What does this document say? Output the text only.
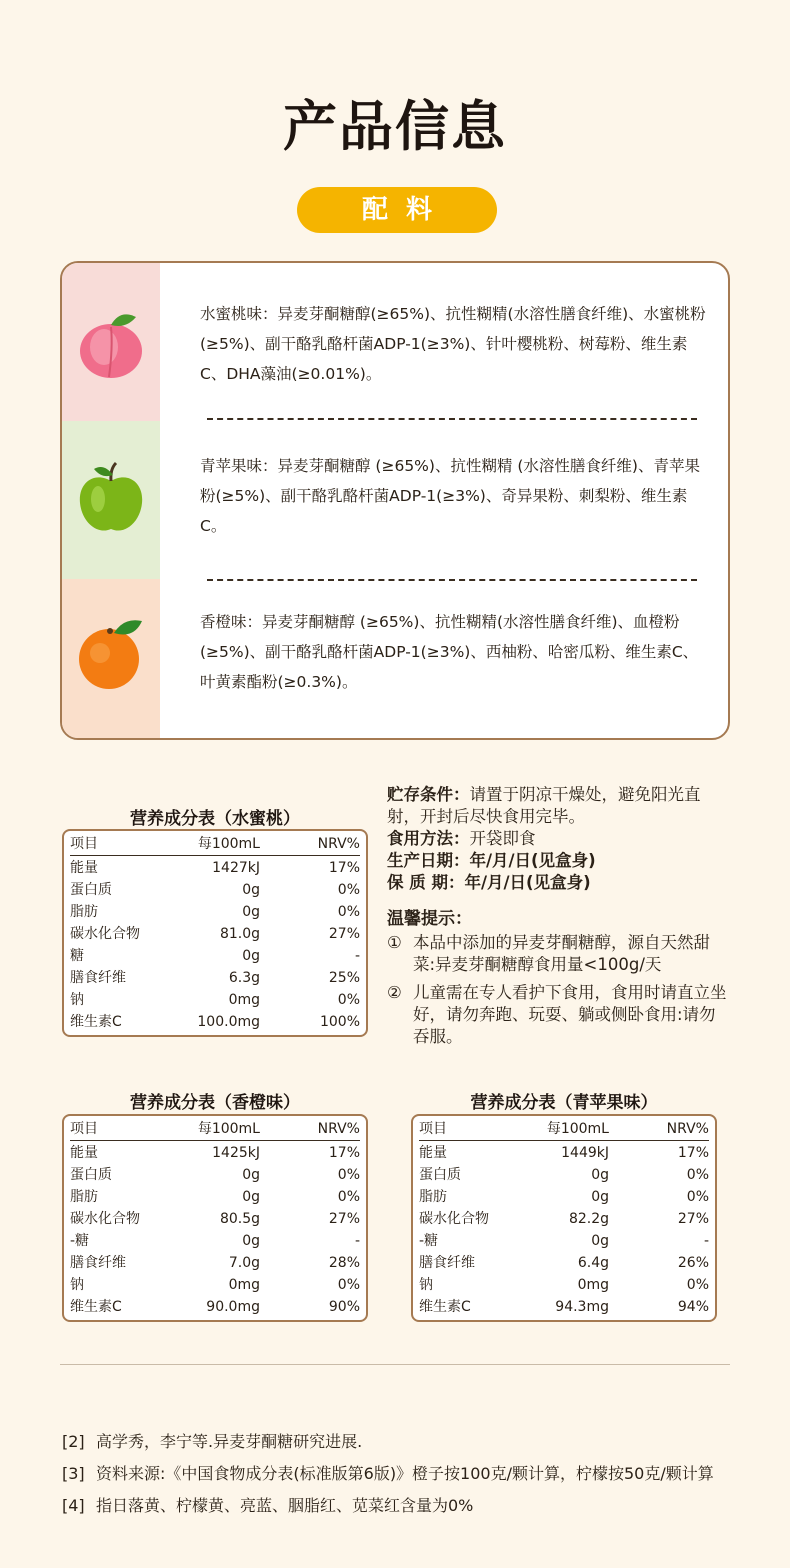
产品信息
配料
水蜜桃味：异麦芽酮糖醇(≥65%)、抗性糊精(水溶性膳食纤维)、水蜜桃粉(≥5%)、副干酪乳酪杆菌ADP-1(≥3%)、针叶樱桃粉、树莓粉、维生素C、DHA藻油(≥0.01%)。
青苹果味：异麦芽酮糖醇 (≥65%)、抗性糊精 (水溶性膳食纤维)、青苹果粉(≥5%)、副干酪乳酪杆菌ADP-1(≥3%)、奇异果粉、刺梨粉、维生素C。
香橙味：异麦芽酮糖醇 (≥65%)、抗性糊精(水溶性膳食纤维)、血橙粉(≥5%)、副干酪乳酪杆菌ADP-1(≥3%)、西柚粉、哈密瓜粉、维生素C、叶黄素酯粉(≥0.3%)。
营养成分表（水蜜桃）
项目	每100mL	NRV%
能量	1427kJ	17%
蛋白质	0g	0%
脂肪	0g	0%
碳水化合物	81.0g	27%
糖	0g	-
膳食纤维	6.3g	25%
钠	0mg	0%
维生素C	100.0mg	100%
营养成分表（香橙味）
项目	每100mL	NRV%
能量	1425kJ	17%
蛋白质	0g	0%
脂肪	0g	0%
碳水化合物	80.5g	27%
-糖	0g	-
膳食纤维	7.0g	28%
钠	0mg	0%
维生素C	90.0mg	90%
营养成分表（青苹果味）
项目	每100mL	NRV%
能量	1449kJ	17%
蛋白质	0g	0%
脂肪	0g	0%
碳水化合物	82.2g	27%
-糖	0g	-
膳食纤维	6.4g	26%
钠	0mg	0%
维生素C	94.3mg	94%
贮存条件：请置于阴凉干燥处，避免阳光直射，开封后尽快食用完毕。
食用方法：开袋即食
生产日期：年/月/日(见盒身)
保 质 期：年/月/日(见盒身)
温馨提示：
① 本品中添加的异麦芽酮糖醇，源自天然甜菜:异麦芽酮糖醇食用量<100g/天
② 儿童需在专人看护下食用，食用时请直立坐好，请勿奔跑、玩耍、躺或侧卧食用:请勿吞服。
[2] 高学秀，李宁等.异麦芽酮糖研究进展.
[3] 资料来源:《中国食物成分表(标准版第6版)》橙子按100克/颗计算，柠檬按50克/颗计算
[4] 指日落黄、柠檬黄、亮蓝、胭脂红、苋菜红含量为0%
